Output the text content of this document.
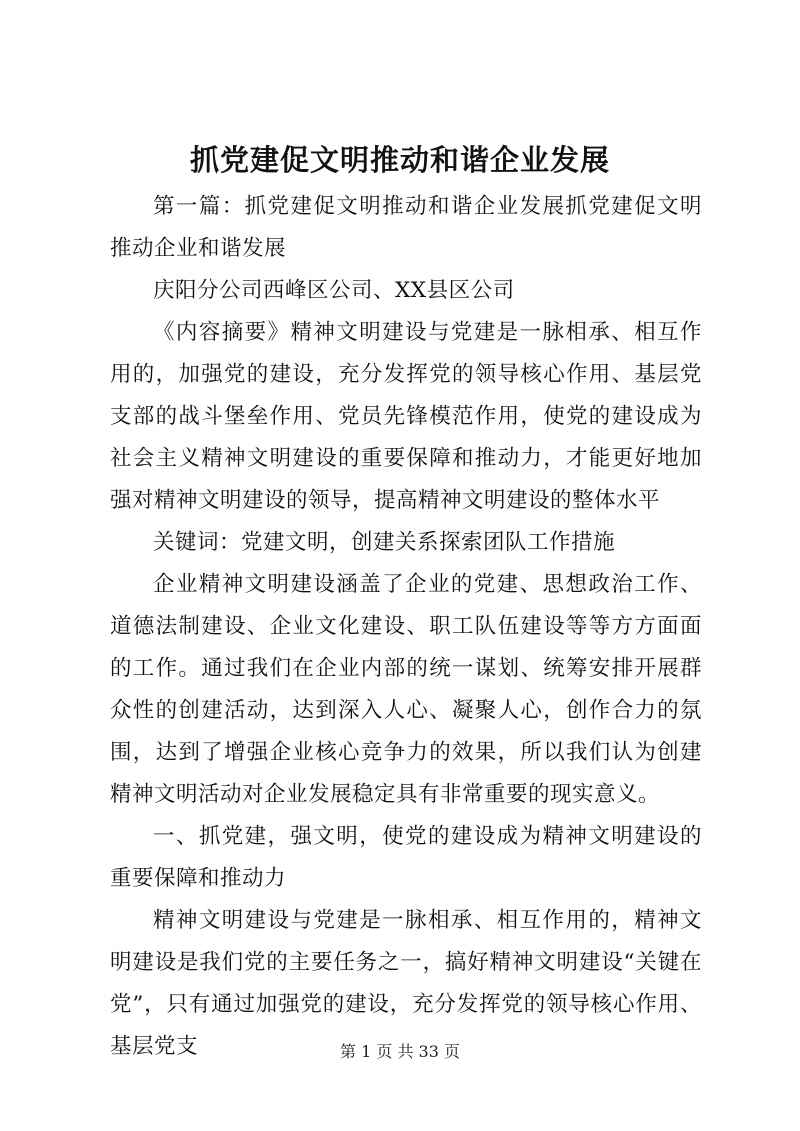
抓党建促文明推动和谐企业发展

第一篇：抓党建促文明推动和谐企业发展抓党建促文明推动企业和谐发展

庆阳分公司西峰区公司、XX县区公司

《内容摘要》精神文明建设与党建是一脉相承、相互作用的，加强党的建设，充分发挥党的领导核心作用、基层党支部的战斗堡垒作用、党员先锋模范作用，使党的建设成为社会主义精神文明建设的重要保障和推动力，才能更好地加强对精神文明建设的领导，提高精神文明建设的整体水平

关键词：党建文明，创建关系探索团队工作措施

企业精神文明建设涵盖了企业的党建、思想政治工作、道德法制建设、企业文化建设、职工队伍建设等等方方面面的工作。通过我们在企业内部的统一谋划、统筹安排开展群众性的创建活动，达到深入人心、凝聚人心，创作合力的氛围，达到了增强企业核心竞争力的效果，所以我们认为创建精神文明活动对企业发展稳定具有非常重要的现实意义。

一、抓党建，强文明，使党的建设成为精神文明建设的重要保障和推动力

精神文明建设与党建是一脉相承、相互作用的，精神文明建设是我们党的主要任务之一，搞好精神文明建设“关键在党”，只有通过加强党的建设，充分发挥党的领导核心作用、基层党支	第 1 页 共 33 页
